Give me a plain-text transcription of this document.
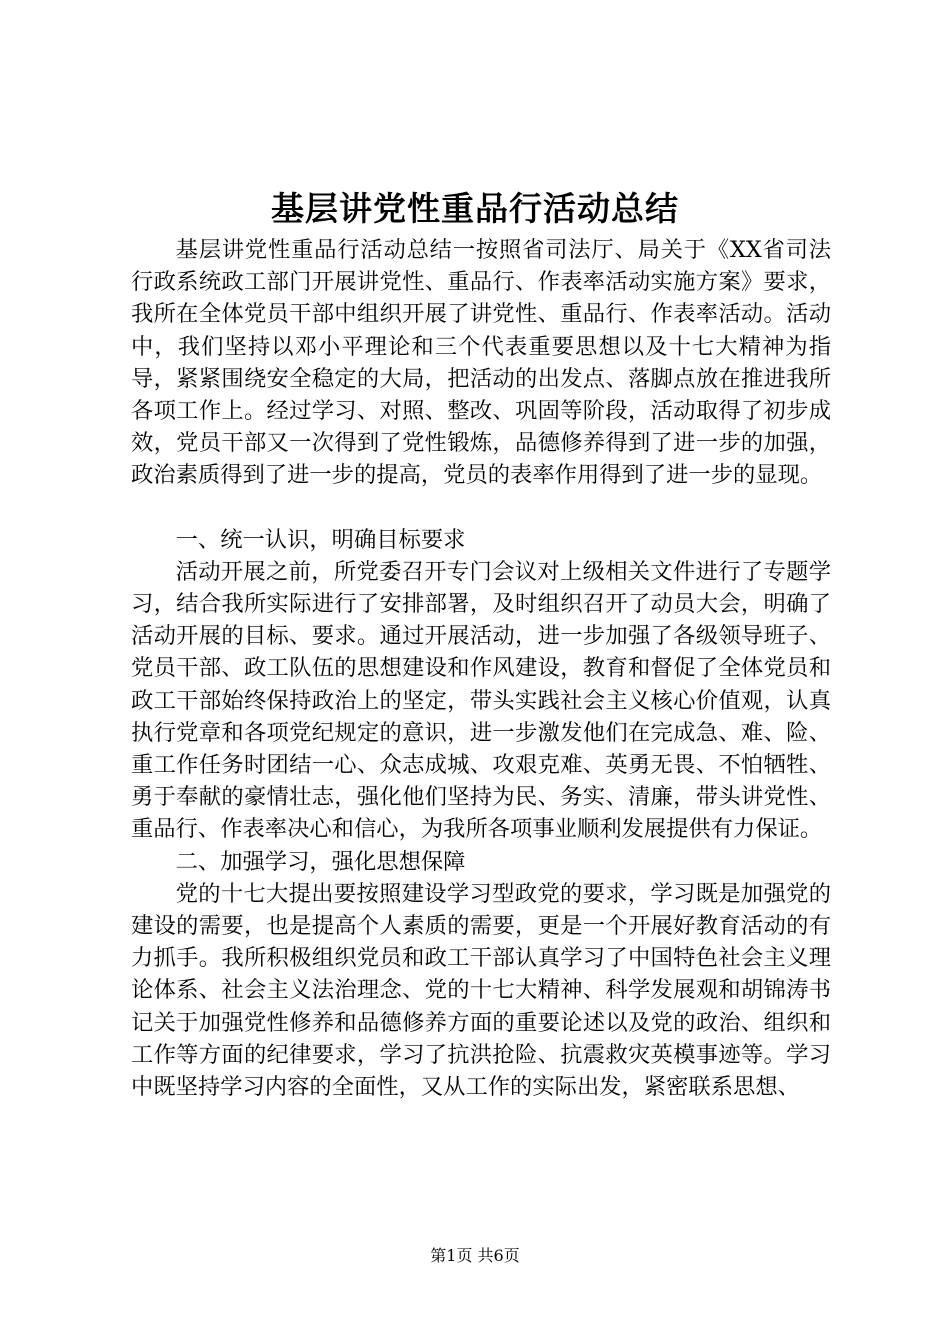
基层讲党性重品行活动总结

基层讲党性重品行活动总结一按照省司法厅、局关于《XX省司法行政系统政工部门开展讲党性、重品行、作表率活动实施方案》要求，我所在全体党员干部中组织开展了讲党性、重品行、作表率活动。活动中，我们坚持以邓小平理论和三个代表重要思想以及十七大精神为指导，紧紧围绕安全稳定的大局，把活动的出发点、落脚点放在推进我所各项工作上。经过学习、对照、整改、巩固等阶段，活动取得了初步成效，党员干部又一次得到了党性锻炼，品德修养得到了进一步的加强，政治素质得到了进一步的提高，党员的表率作用得到了进一步的显现。

一、统一认识，明确目标要求

活动开展之前，所党委召开专门会议对上级相关文件进行了专题学习，结合我所实际进行了安排部署，及时组织召开了动员大会，明确了活动开展的目标、要求。通过开展活动，进一步加强了各级领导班子、党员干部、政工队伍的思想建设和作风建设，教育和督促了全体党员和政工干部始终保持政治上的坚定，带头实践社会主义核心价值观，认真执行党章和各项党纪规定的意识，进一步激发他们在完成急、难、险、重工作任务时团结一心、众志成城、攻艰克难、英勇无畏、不怕牺牲、勇于奉献的豪情壮志，强化他们坚持为民、务实、清廉，带头讲党性、重品行、作表率决心和信心，为我所各项事业顺利发展提供有力保证。

二、加强学习，强化思想保障

党的十七大提出要按照建设学习型政党的要求，学习既是加强党的建设的需要，也是提高个人素质的需要，更是一个开展好教育活动的有力抓手。我所积极组织党员和政工干部认真学习了中国特色社会主义理论体系、社会主义法治理念、党的十七大精神、科学发展观和胡锦涛书记关于加强党性修养和品德修养方面的重要论述以及党的政治、组织和工作等方面的纪律要求，学习了抗洪抢险、抗震救灾英模事迹等。学习中既坚持学习内容的全面性，又从工作的实际出发，紧密联系思想、

第1页 共6页
